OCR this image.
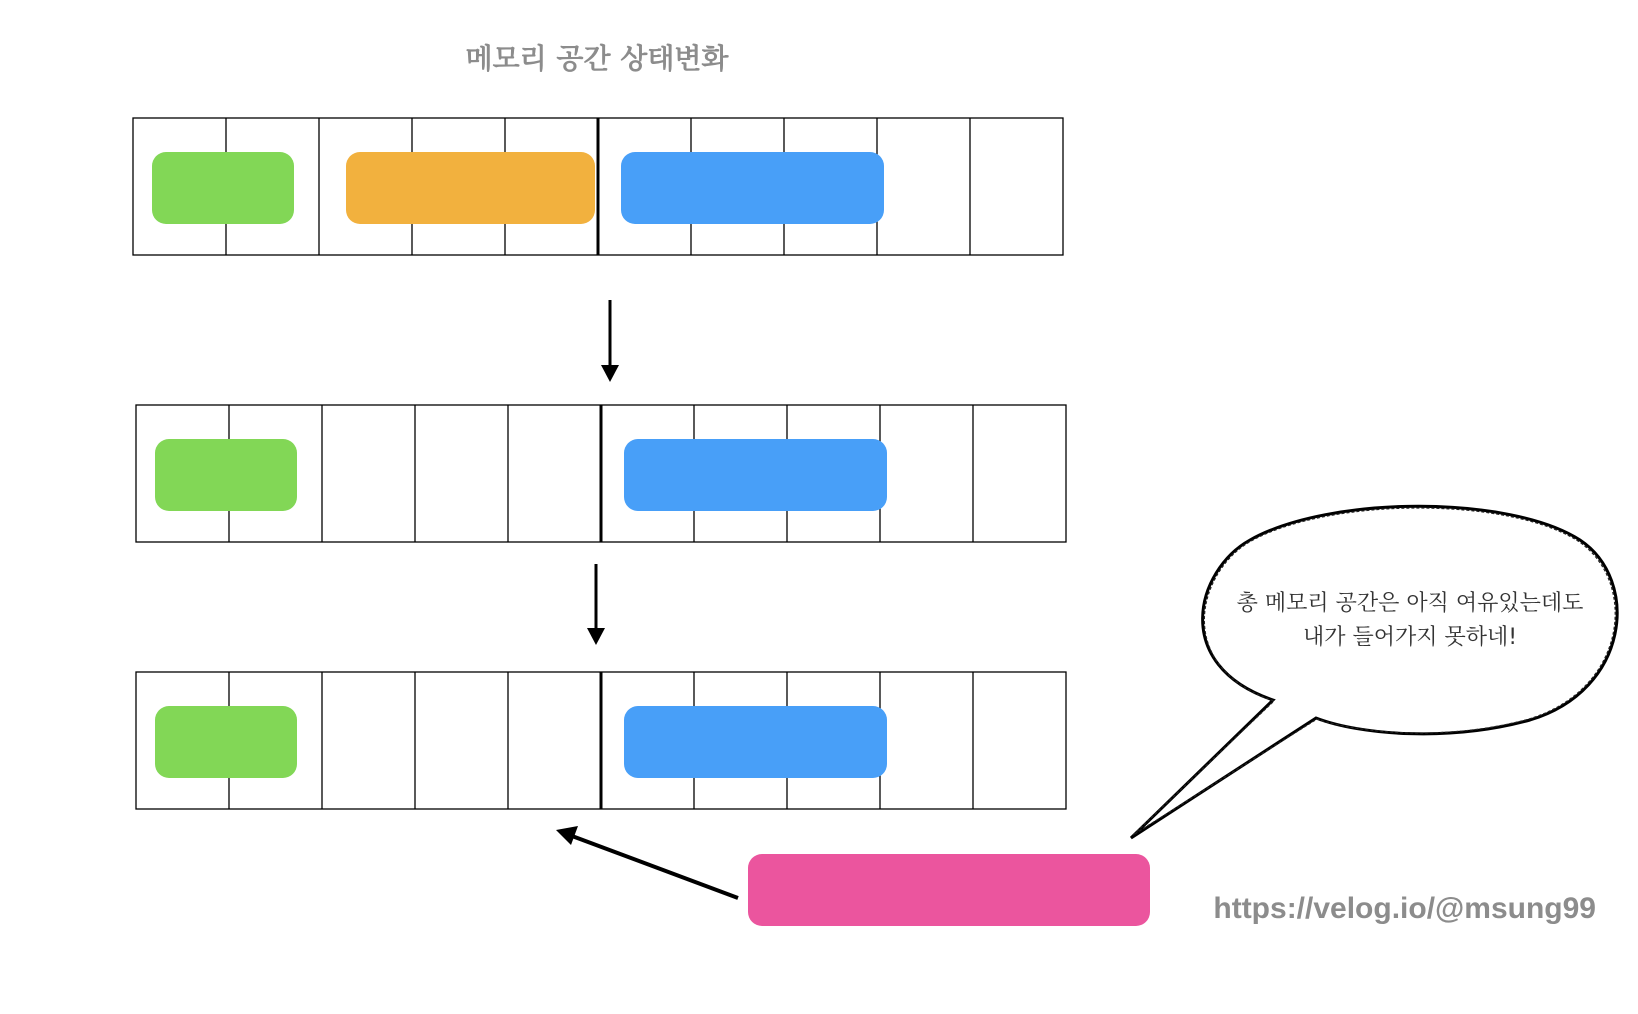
메모리 공간 상태변화
총 메모리 공간은 아직 여유있는데도
내가 들어가지 못하네!
https://velog.io/@msung99
